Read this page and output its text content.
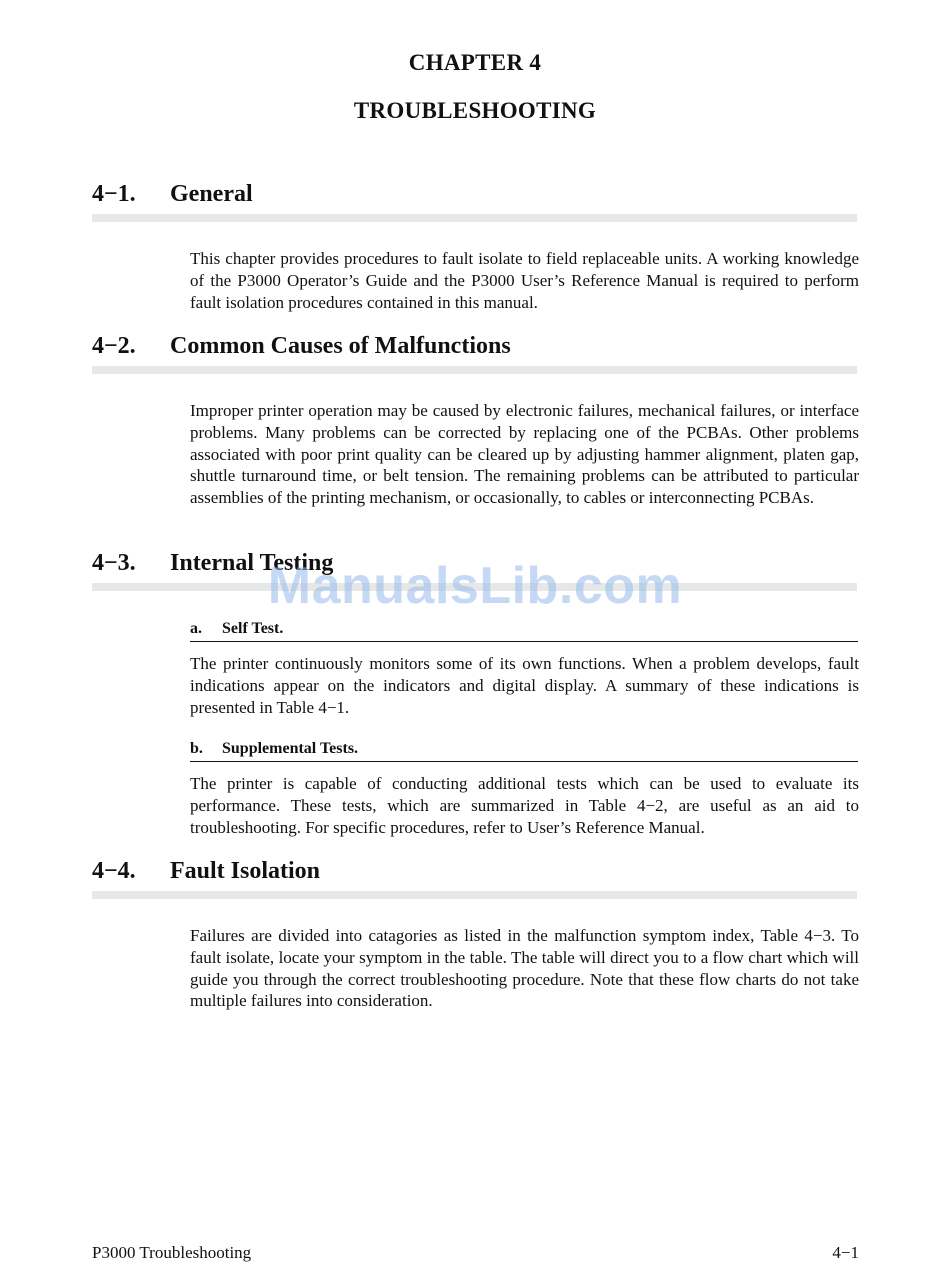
CHAPTER 4
TROUBLESHOOTING
4−1. General

This chapter provides procedures to fault isolate to field replaceable units. A working knowledge of the P3000 Operator’s Guide and the P3000 User’s Reference Manual is required to perform fault isolation procedures contained in this manual.

4−2. Common Causes of Malfunctions

Improper printer operation may be caused by electronic failures, mechanical failures, or interface problems. Many problems can be corrected by replacing one of the PCBAs. Other problems associated with poor print quality can be cleared up by adjusting hammer alignment, platen gap, shuttle turnaround time, or belt tension. The remaining problems can be attributed to particular assemblies of the printing mechanism, or occasionally, to cables or interconnecting PCBAs.

4−3. Internal Testing
a. Self Test.

The printer continuously monitors some of its own functions. When a problem develops, fault indications appear on the indicators and digital display. A summary of these indications is presented in Table 4−1.

b. Supplemental Tests.

The printer is capable of conducting additional tests which can be used to evaluate its performance. These tests, which are summarized in Table 4−2, are useful as an aid to troubleshooting. For specific procedures, refer to User’s Reference Manual.

4−4. Fault Isolation

Failures are divided into catagories as listed in the malfunction symptom index, Table 4−3. To fault isolate, locate your symptom in the table. The table will direct you to a flow chart which will guide you through the correct troubleshooting procedure. Note that these flow charts do not take multiple failures into consideration.

ManualsLib.com
P3000 Troubleshooting	4−1
